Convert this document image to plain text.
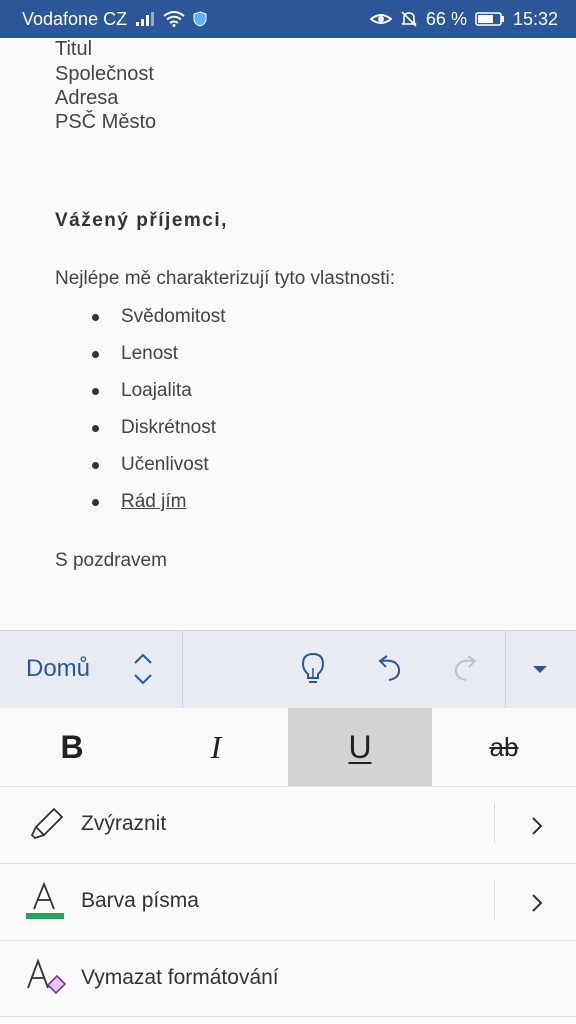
Vodafone CZ	66 %	15:32
Titul
Společnost
Adresa
PSČ Město
Vážený příjemci,
Nejlépe mě charakterizují tyto vlastnosti:
Svědomitost
Lenost
Loajalita
Diskrétnost
Učenlivost
Rád jím
S pozdravem
Domů
B	I	U	ab
Zvýraznit
Barva písma
Vymazat formátování
